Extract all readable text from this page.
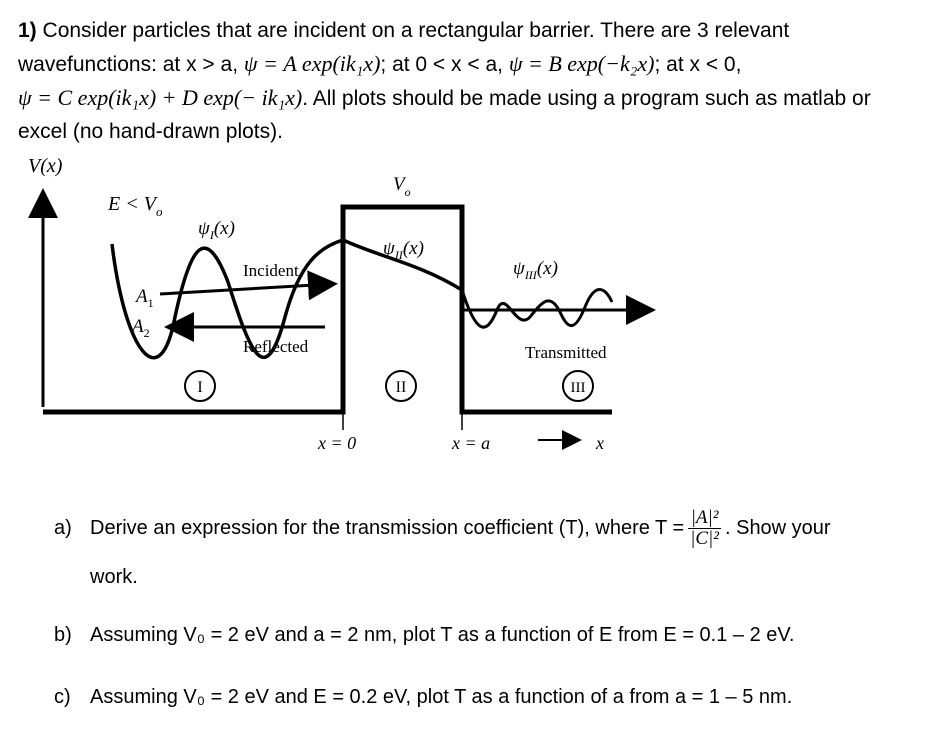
1) Consider particles that are incident on a rectangular barrier. There are 3 relevant
wavefunctions: at x > a, ψ = A exp(ik₁x); at 0 < x < a, ψ = B exp(−k₂x); at x < 0,
ψ = C exp(ik₁x) + D exp(− ik₁x). All plots should be made using a program such as matlab or
excel (no hand-drawn plots).
V(x)
$E < V_o$
$V_o$
$\psi_I(x)$
$\psi_{II}(x)$
$\psi_{III}(x)$
Incident
Reflected	Transmitted
$A_1$
$A_2$
I	II	III
x = 0	x = a	x
a) Derive an expression for the transmission coefficient (T), where $T = \frac{\text{|A|²}}{\text{|C|²}}$ . Show your
work.
b) Assuming V₀ = 2 eV and a = 2 nm, plot T as a function of E from E = 0.1 – 2 eV.
c) Assuming V₀ = 2 eV and E = 0.2 eV, plot T as a function of a from a = 1 – 5 nm.
